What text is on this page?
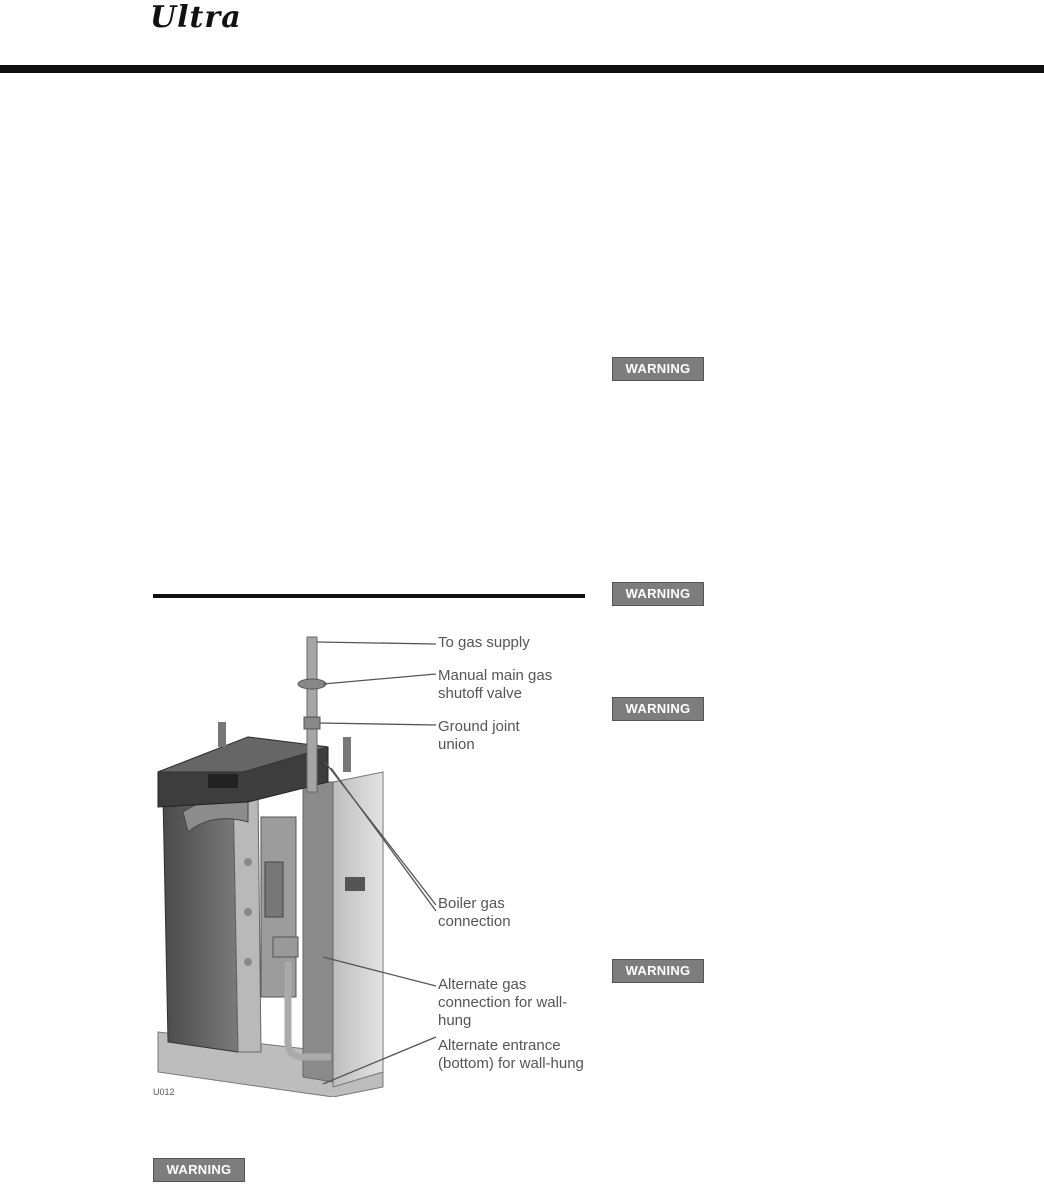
Ultra
WARNING
WARNING
WARNING
WARNING
WARNING
To gas supply
Manual main gas shutoff valve
Ground joint union
Boiler gas connection
Alternate gas connection for wall-hung
Alternate entrance (bottom) for wall-hung
U012
